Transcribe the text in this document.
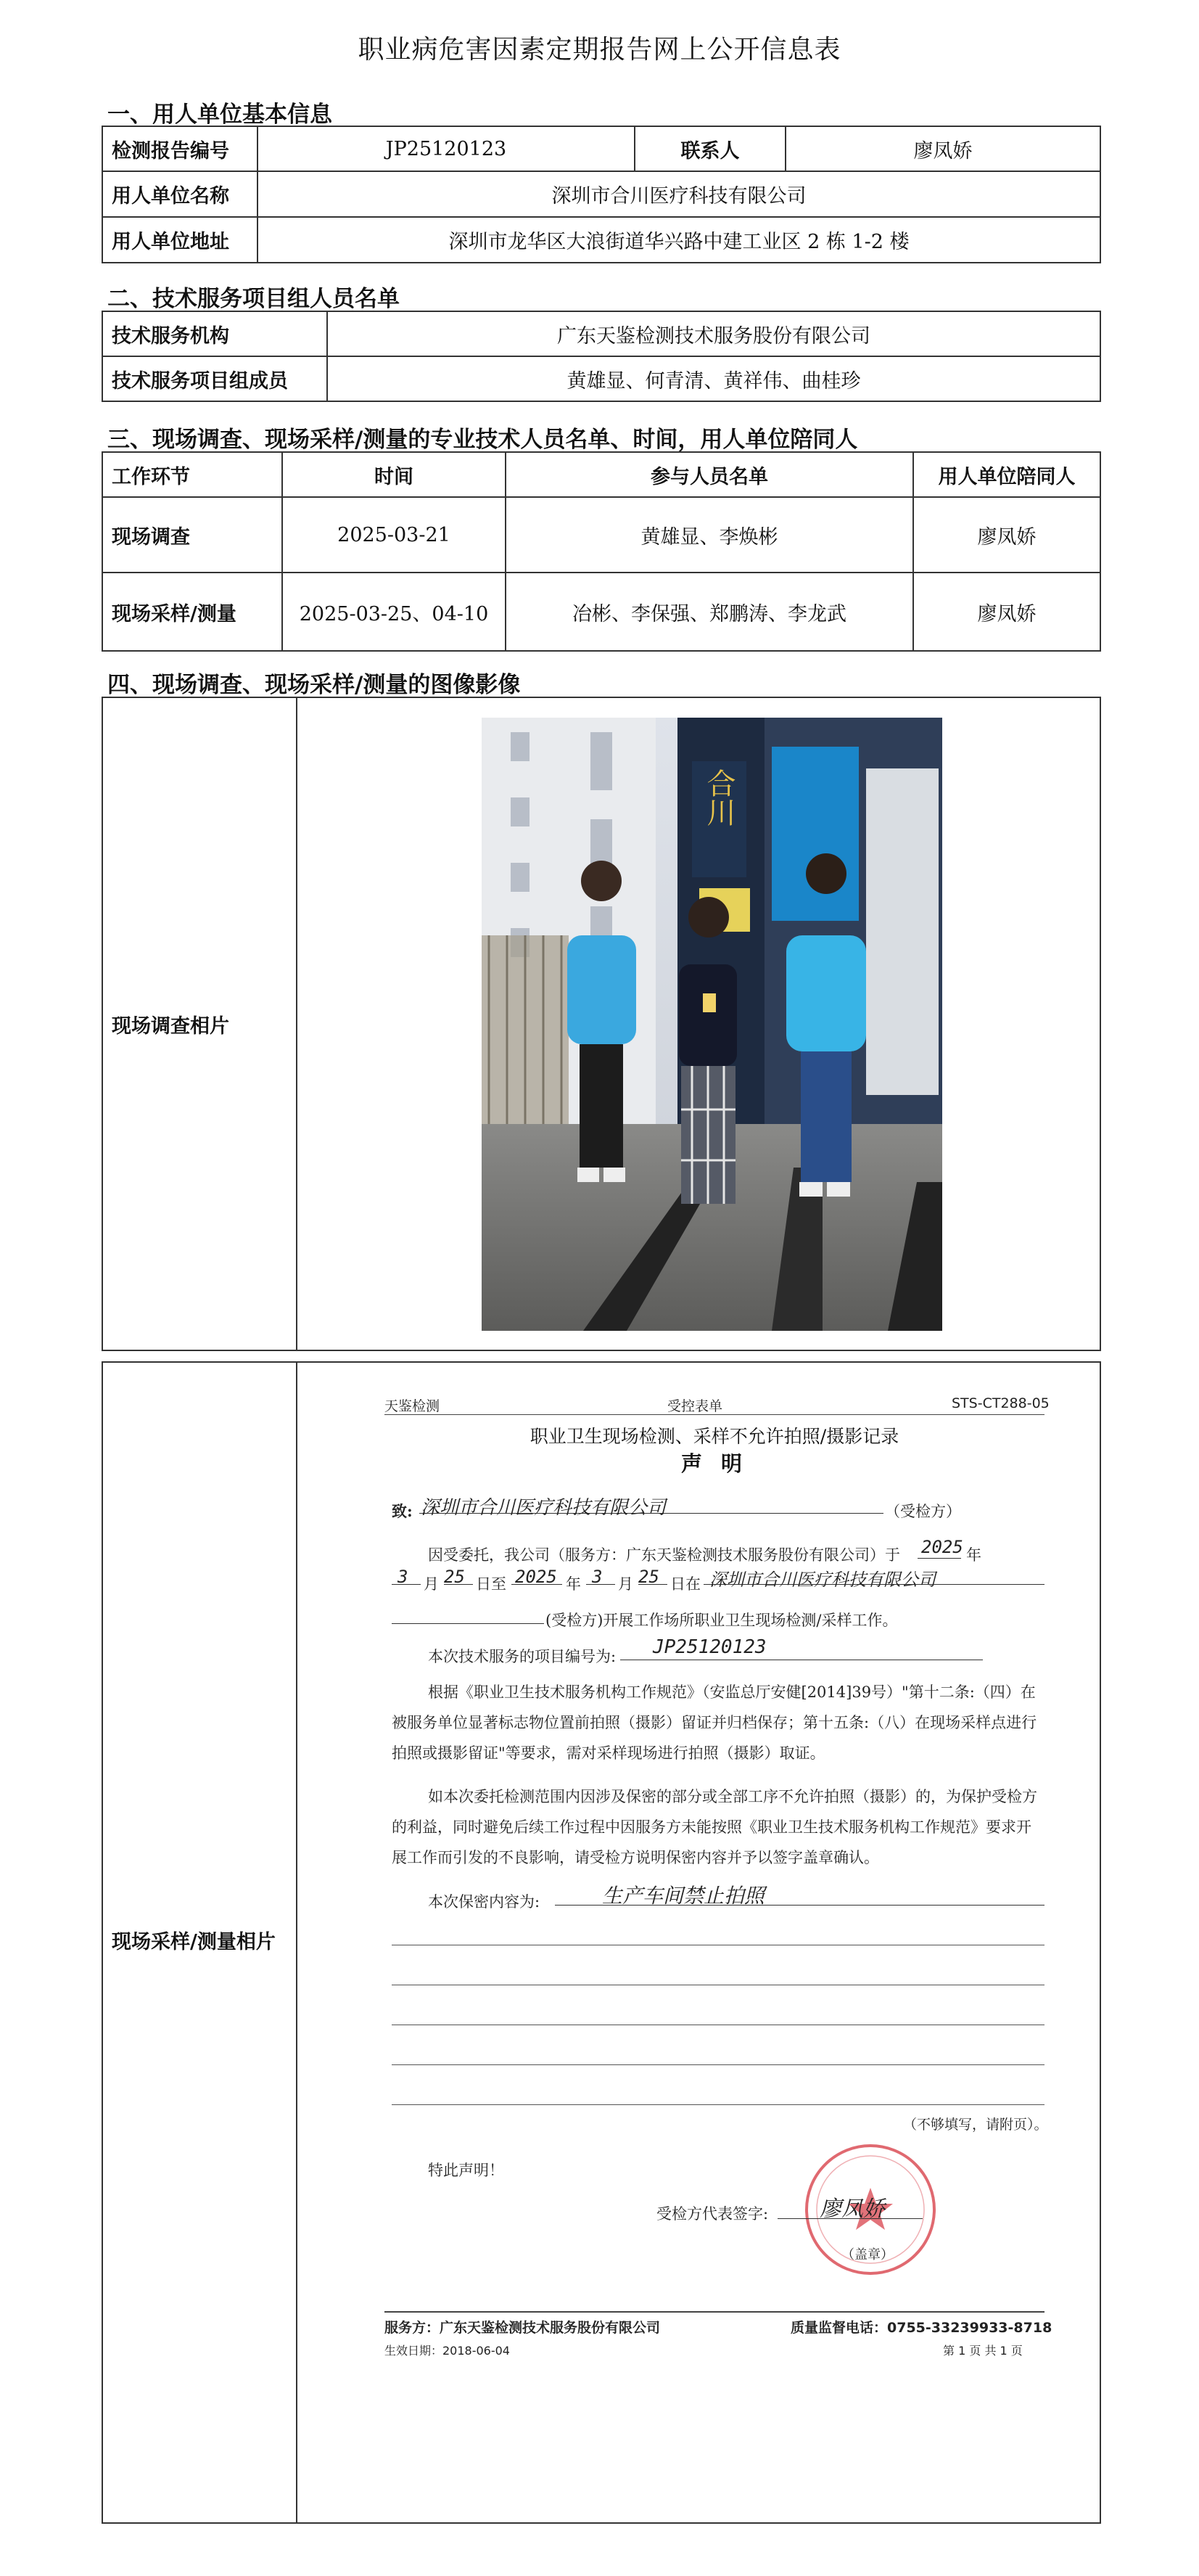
职业病危害因素定期报告网上公开信息表
一、用人单位基本信息
检测报告编号	JP25120123	联系人	廖凤娇
用人单位名称	深圳市合川医疗科技有限公司		
用人单位地址	深圳市龙华区大浪街道华兴路中建工业区 2 栋 1-2 楼		
二、技术服务项目组人员名单
技术服务机构	广东天鉴检测技术服务股份有限公司
技术服务项目组成员	黄雄显、何青清、黄祥伟、曲桂珍
三、现场调查、现场采样/测量的专业技术人员名单、时间，用人单位陪同人
工作环节	时间	参与人员名单	用人单位陪同人
现场调查	2025-03-21	黄雄显、李焕彬	廖凤娇
现场采样/测量	2025-03-25、04-10	冶彬、李保强、郑鹏涛、李龙武	廖凤娇
四、现场调查、现场采样/测量的图像影像
现场调查相片	
现场采样/测量相片	
合川
天鉴检测	受控表单	STS-CT288-05
职业卫生现场检测、采样不允许拍照/摄影记录
声 明
致: 深圳市合川医疗科技有限公司	（受检方）
因受委托，我公司（服务方：广东天鉴检测技术服务股份有限公司）于 2025 年
3 月 25 日至 2025 年 3 月 25 日在 深圳市合川医疗科技有限公司
(受检方)开展工作场所职业卫生现场检测/采样工作。
本次技术服务的项目编号为: JP25120123
根据《职业卫生技术服务机构工作规范》（安监总厅安健[2014]39号）"第十二条:（四）在被服务单位显著标志物位置前拍照（摄影）留证并归档保存；第十五条:（八）在现场采样点进行拍照或摄影留证"等要求，需对采样现场进行拍照（摄影）取证。
如本次委托检测范围内因涉及保密的部分或全部工序不允许拍照（摄影）的，为保护受检方的利益，同时避免后续工作过程中因服务方未能按照《职业卫生技术服务机构工作规范》要求开展工作而引发的不良影响，请受检方说明保密内容并予以签字盖章确认。
本次保密内容为:	生产车间禁止拍照
（不够填写，请附页）。
特此声明！
受检方代表签字: 廖凤娇
（盖章）
服务方：广东天鉴检测技术服务股份有限公司	质量监督电话：0755-33239933-8718
生效日期：2018-06-04	第 1 页 共 1 页
